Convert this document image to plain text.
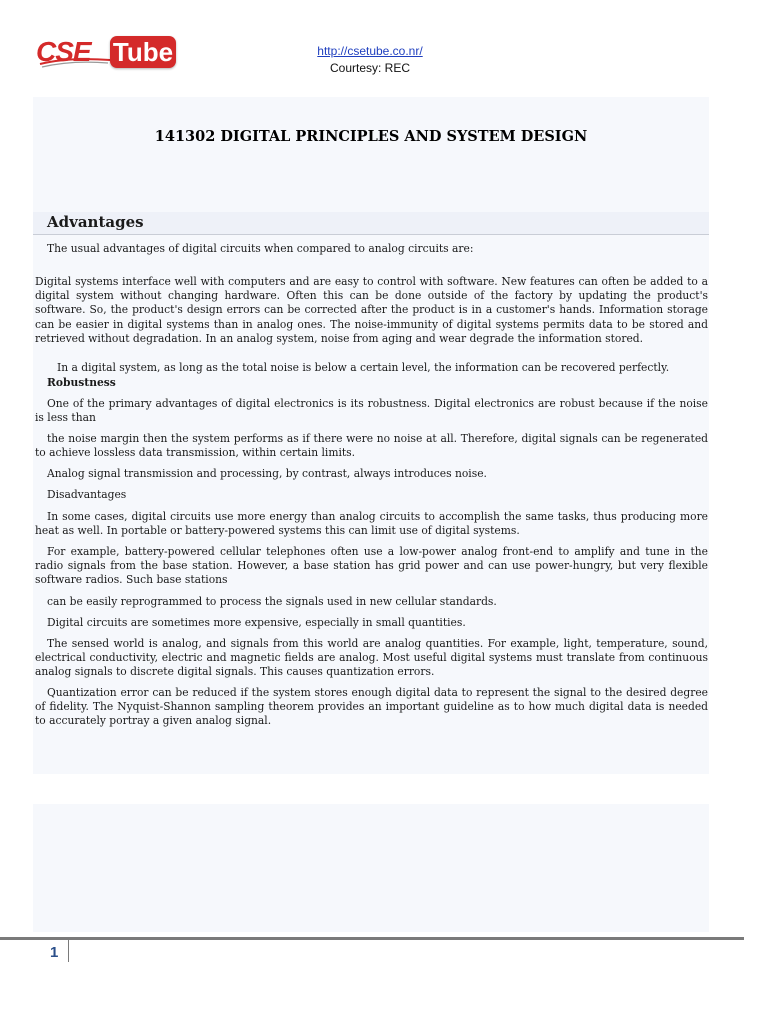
CSE Tube	http://csetube.co.nr/
Courtesy: REC
141302 DIGITAL PRINCIPLES AND SYSTEM DESIGN
Advantages

The usual advantages of digital circuits when compared to analog circuits are:

Digital systems interface well with computers and are easy to control with software. New features can often be added to a digital system without changing hardware. Often this can be done outside of the factory by updating the product's software. So, the product's design errors can be corrected after the product is in a customer's hands. Information storage can be easier in digital systems than in analog ones. The noise-immunity of digital systems permits data to be stored and retrieved without degradation. In an analog system, noise from aging and wear degrade the information stored.

In a digital system, as long as the total noise is below a certain level, the information can be recovered perfectly.

Robustness

One of the primary advantages of digital electronics is its robustness. Digital electronics are robust because if the noise is less than

the noise margin then the system performs as if there were no noise at all. Therefore, digital signals can be regenerated to achieve lossless data transmission, within certain limits.

Analog signal transmission and processing, by contrast, always introduces noise.

Disadvantages

In some cases, digital circuits use more energy than analog circuits to accomplish the same tasks, thus producing more heat as well. In portable or battery-powered systems this can limit use of digital systems.

For example, battery-powered cellular telephones often use a low-power analog front-end to amplify and tune in the radio signals from the base station. However, a base station has grid power and can use power-hungry, but very flexible software radios. Such base stations

can be easily reprogrammed to process the signals used in new cellular standards.

Digital circuits are sometimes more expensive, especially in small quantities.

The sensed world is analog, and signals from this world are analog quantities. For example, light, temperature, sound, electrical conductivity, electric and magnetic fields are analog. Most useful digital systems must translate from continuous analog signals to discrete digital signals. This causes quantization errors.

Quantization error can be reduced if the system stores enough digital data to represent the signal to the desired degree of fidelity. The Nyquist-Shannon sampling theorem provides an important guideline as to how much digital data is needed to accurately portray a given analog signal.

1
